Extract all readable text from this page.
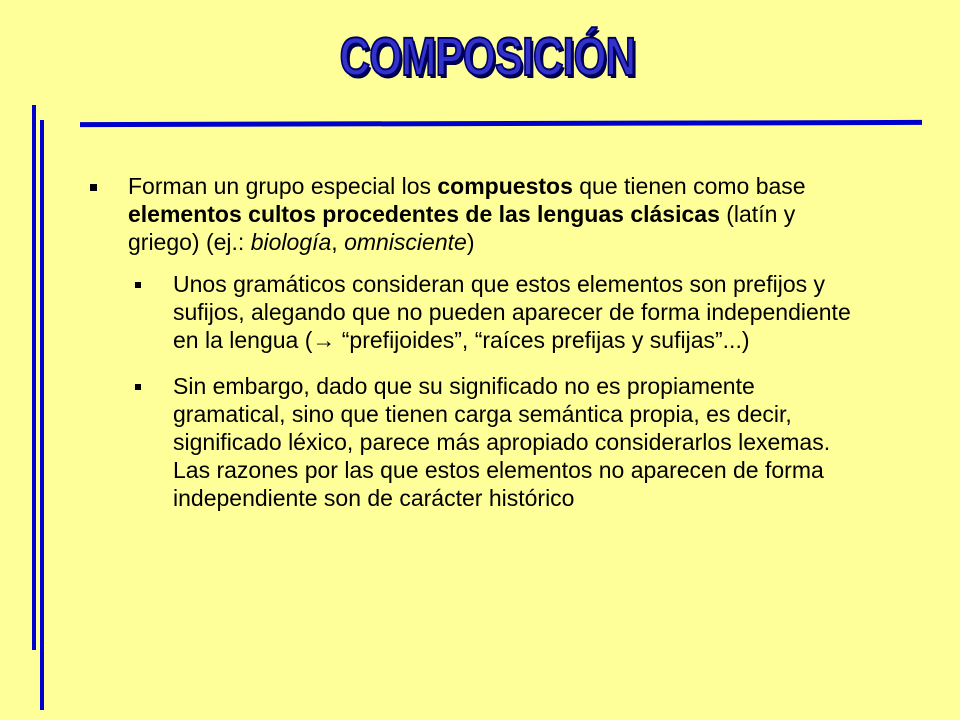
COMPOSICIÓN
Forman un grupo especial los compuestos que tienen como base elementos cultos procedentes de las lenguas clásicas (latín y griego) (ej.: biología, omnisciente)
Unos gramáticos consideran que estos elementos son prefijos y sufijos, alegando que no pueden aparecer de forma independiente en la lengua (→ “prefijoides”, “raíces prefijas y sufijas”...)
Sin embargo, dado que su significado no es propiamente gramatical, sino que tienen carga semántica propia, es decir, significado léxico, parece más apropiado considerarlos lexemas. Las razones por las que estos elementos no aparecen de forma independiente son de carácter histórico
